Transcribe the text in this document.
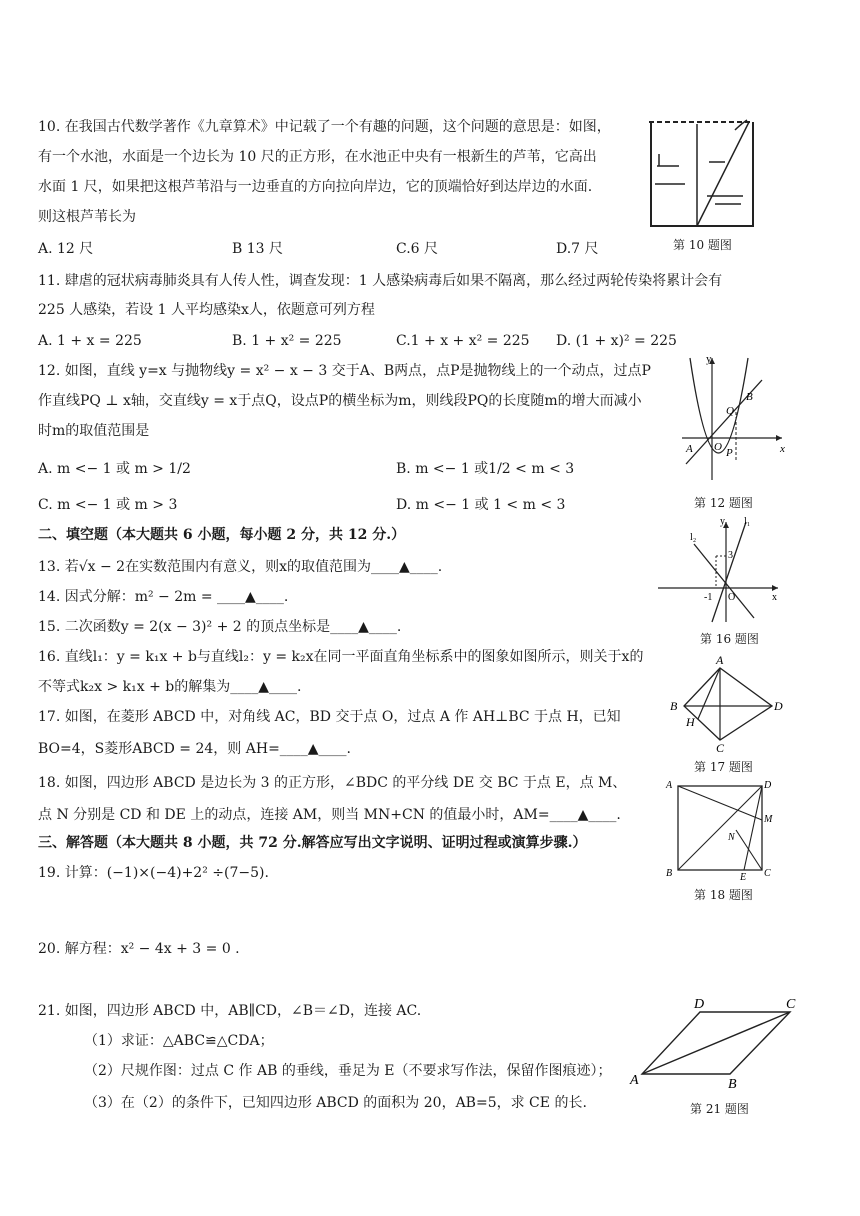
10. 在我国古代数学著作《九章算术》中记载了一个有趣的问题，这个问题的意思是：如图，
有一个水池，水面是一个边长为 10 尺的正方形，在水池正中央有一根新生的芦苇，它高出
水面 1 尺，如果把这根芦苇沿与一边垂直的方向拉向岸边，它的顶端恰好到达岸边的水面.
则这根芦苇长为
A. 12 尺	B 13 尺	C.6 尺	D.7 尺	第 10 题图
11. 肆虐的冠状病毒肺炎具有人传人性，调查发现：1 人感染病毒后如果不隔离，那么经过两轮传染将累计会有
225 人感染，若设 1 人平均感染x人，依题意可列方程
A. 1 + x = 225	B. 1 + x² = 225	C.1 + x + x² = 225 D. (1 + x)² = 225
12. 如图，直线 y=x 与抛物线y = x² − x − 3 交于A、B两点，点P是抛物线上的一个动点，过点P
作直线PQ ⊥ x轴，交直线y = x于点Q，设点P的横坐标为m，则线段PQ的长度随m的增大而减小
时m的取值范围是
A. m <− 1 或 m > 1/2	B. m <− 1 或1/2 < m < 3
C. m <− 1 或 m > 3	D. m <− 1 或 1 < m < 3
y
x
A O
B
Q
P
第 12 题图
二、填空题（本大题共 6 小题，每小题 2 分，共 12 分.）
13. 若√x − 2在实数范围内有意义，则x的取值范围为____▲____.
14. 因式分解：m² − 2m = ____▲____.
15. 二次函数y = 2(x − 3)² + 2 的顶点坐标是____▲____.
16. 直线l₁：y = k₁x + b与直线l₂：y = k₂x在同一平面直角坐标系中的图象如图所示，则关于x的
不等式k₂x > k₁x + b的解集为____▲____.
l₂
y l₁
3
-1 O	x
第 16 题图
17. 如图，在菱形 ABCD 中，对角线 AC，BD 交于点 O，过点 A 作 AH⊥BC 于点 H，已知
BO=4，S菱形ABCD = 24，则 AH=____▲____.
A
B	D
C
H
第 17 题图
18. 如图，四边形 ABCD 是边长为 3 的正方形，∠BDC 的平分线 DE 交 BC 于点 E，点 M、
点 N 分别是 CD 和 DE 上的动点，连接 AM，则当 MN+CN 的值最小时，AM=____▲____.
A	D
M
N
B	E C
第 18 题图
三、解答题（本大题共 8 小题，共 72 分.解答应写出文字说明、证明过程或演算步骤.）
19. 计算：(−1)×(−4)+2² ÷(7−5).
20. 解方程：x² − 4x + 3 = 0 .
21. 如图，四边形 ABCD 中，AB∥CD，∠B＝∠D，连接 AC.
（1）求证：△ABC≌△CDA；
（2）尺规作图：过点 C 作 AB 的垂线，垂足为 E（不要求写作法，保留作图痕迹）；
（3）在（2）的条件下，已知四边形 ABCD 的面积为 20，AB=5，求 CE 的长.
D	C
A	B
第 21 题图
